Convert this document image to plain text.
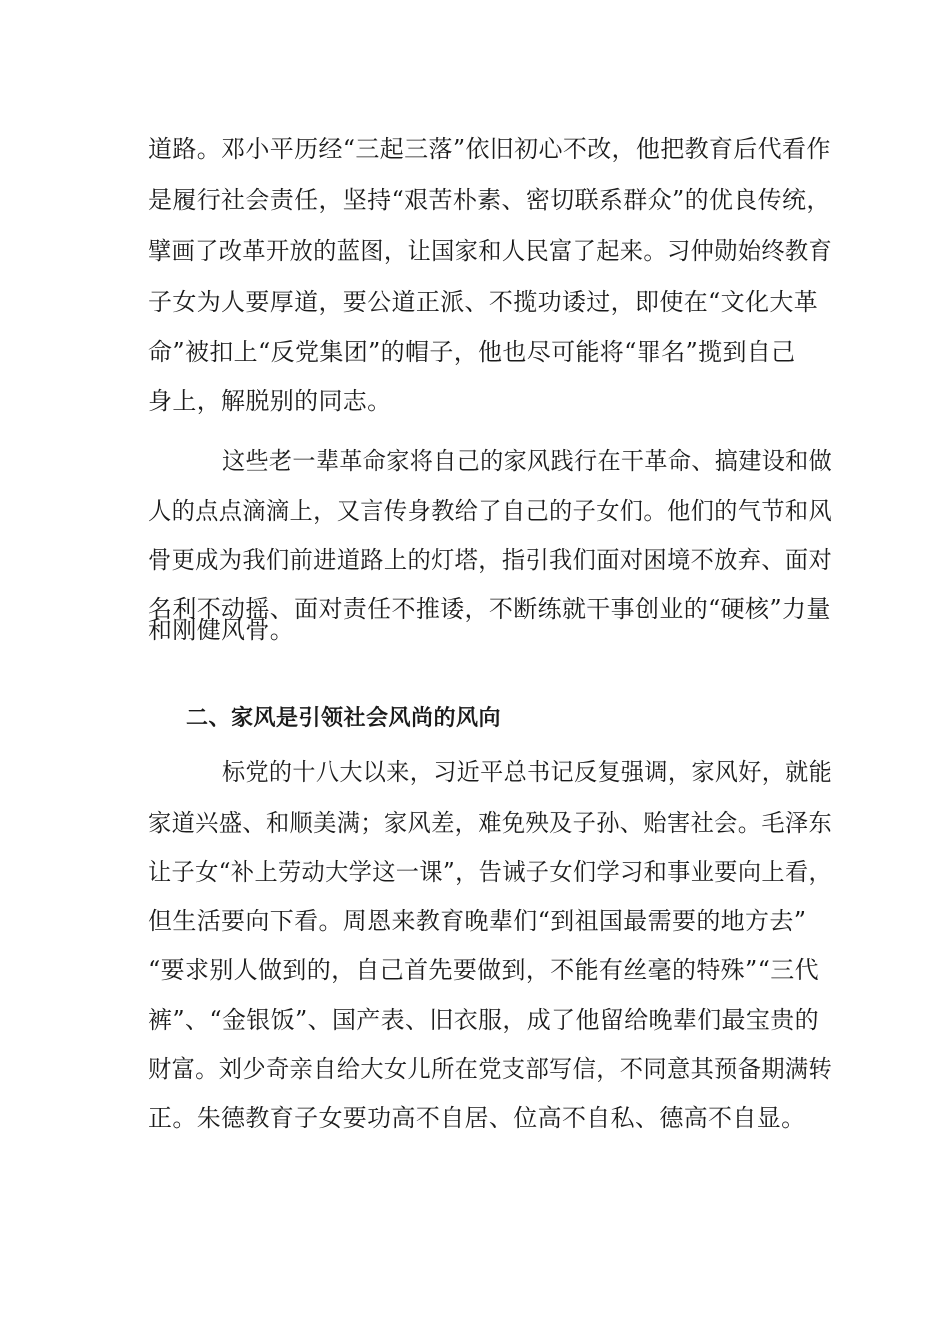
道路。邓小平历经“三起三落”依旧初心不改，他把教育后代看作
是履行社会责任，坚持“艰苦朴素、密切联系群众”的优良传统，
擘画了改革开放的蓝图，让国家和人民富了起来。习仲勋始终教育
子女为人要厚道，要公道正派、不揽功诿过，即使在“文化大革
命”被扣上“反党集团”的帽子，他也尽可能将“罪名”揽到自己
身上，解脱别的同志。
这些老一辈革命家将自己的家风践行在干革命、搞建设和做
人的点点滴滴上，又言传身教给了自己的子女们。他们的气节和风
骨更成为我们前进道路上的灯塔，指引我们面对困境不放弃、面对
名利不动摇、面对责任不推诿，不断练就干事创业的“硬核”力量
和刚健风骨。
二、家风是引领社会风尚的风向
标党的十八大以来，习近平总书记反复强调，家风好，就能
家道兴盛、和顺美满；家风差，难免殃及子孙、贻害社会。毛泽东
让子女“补上劳动大学这一课”，告诫子女们学习和事业要向上看，
但生活要向下看。周恩来教育晚辈们“到祖国最需要的地方去”
“要求别人做到的，自己首先要做到，不能有丝毫的特殊”“三代
裤”、“金银饭”、国产表、旧衣服，成了他留给晚辈们最宝贵的
财富。刘少奇亲自给大女儿所在党支部写信，不同意其预备期满转
正。朱德教育子女要功高不自居、位高不自私、德高不自显。
